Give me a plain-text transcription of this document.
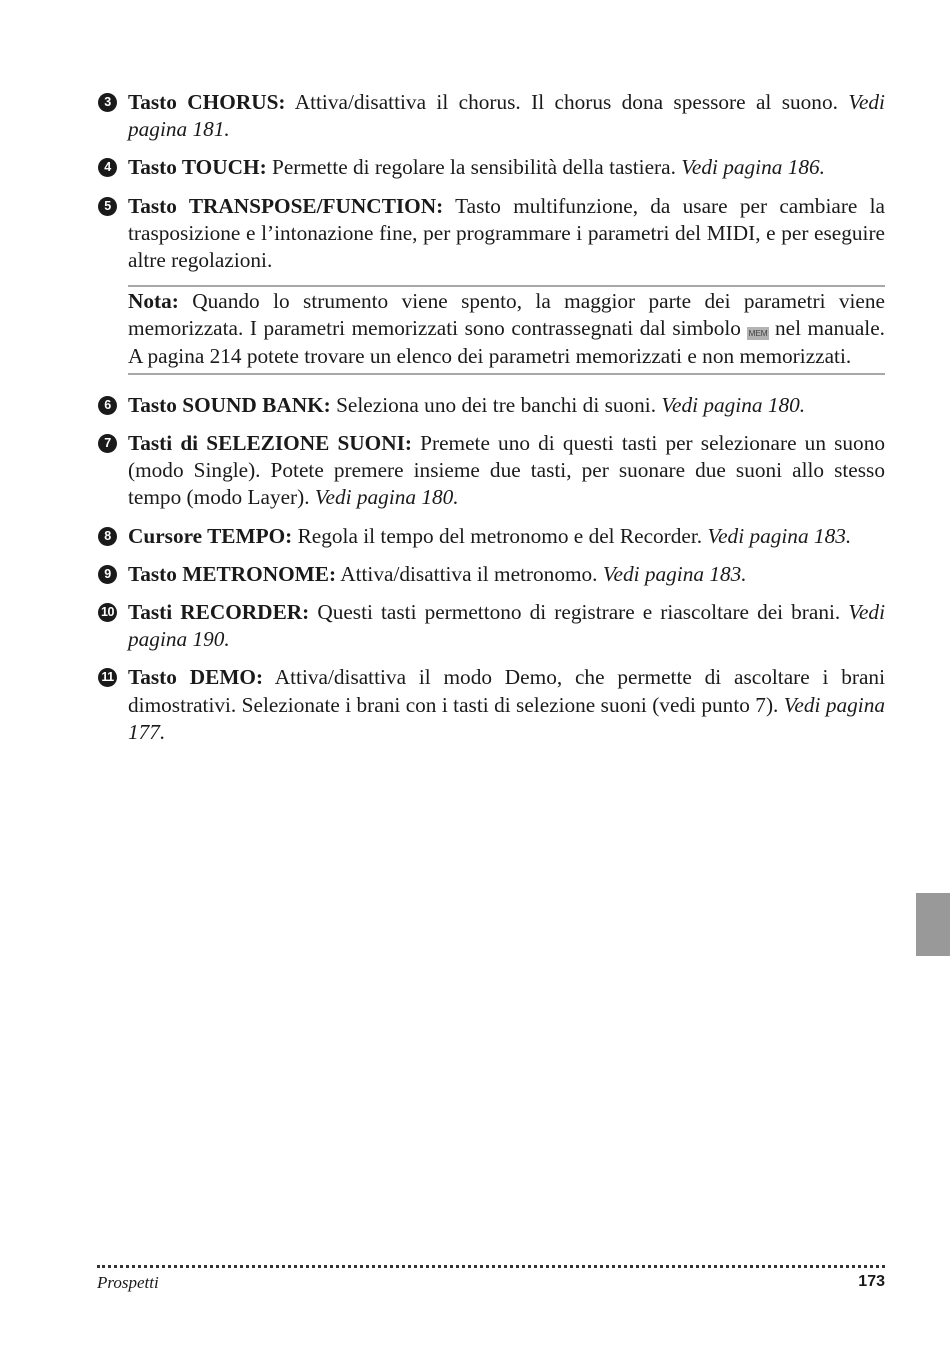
3 Tasto CHORUS: Attiva/disattiva il chorus. Il chorus dona spessore al suono. Vedi pagina 181.
4 Tasto TOUCH: Permette di regolare la sensibilità della tastiera. Vedi pagina 186.
5 Tasto TRANSPOSE/FUNCTION: Tasto multifunzione, da usare per cambiare la trasposizione e l’intonazione fine, per programmare i parametri del MIDI, e per eseguire altre regolazioni.
Nota: Quando lo strumento viene spento, la maggior parte dei parametri viene memorizzata. I parametri memorizzati sono contrassegnati dal simbolo MEM nel manuale. A pagina 214 potete trovare un elenco dei parametri memorizzati e non memorizzati.
6 Tasto SOUND BANK: Seleziona uno dei tre banchi di suoni. Vedi pagina 180.
7 Tasti di SELEZIONE SUONI: Premete uno di questi tasti per selezionare un suono (modo Single). Potete premere insieme due tasti, per suonare due suoni allo stesso tempo (modo Layer). Vedi pagina 180.
8 Cursore TEMPO: Regola il tempo del metronomo e del Recorder. Vedi pagina 183.
9 Tasto METRONOME: Attiva/disattiva il metronomo. Vedi pagina 183.
10 Tasti RECORDER: Questi tasti permettono di registrare e riascoltare dei brani. Vedi pagina 190.
11 Tasto DEMO: Attiva/disattiva il modo Demo, che permette di ascoltare i brani dimostrativi. Selezionate i brani con i tasti di selezione suoni (vedi punto 7). Vedi pagina 177.
Prospetti	173
